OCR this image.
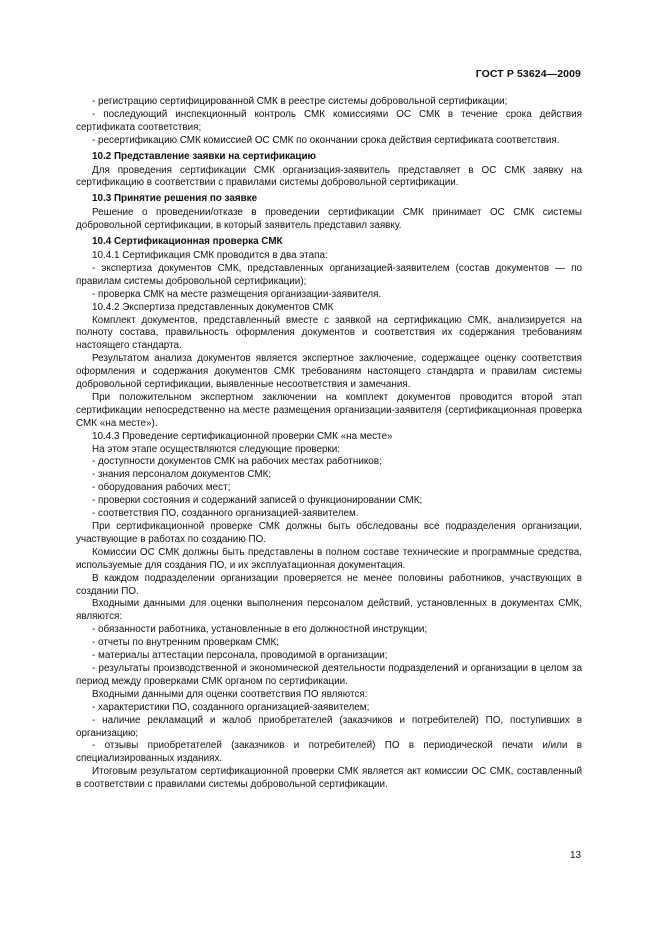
ГОСТ Р 53624—2009

- регистрацию сертифицированной СМК в реестре системы добровольной сертификации;

- последующий инспекционный контроль СМК комиссиями ОС СМК в течение срока действия сертификата соответствия;

- ресертификацию СМК комиссией ОС СМК по окончании срока действия сертификата соответствия.

10.2 Представление заявки на сертификацию

Для проведения сертификации СМК организация-заявитель представляет в ОС СМК заявку на сертификацию в соответствии с правилами системы добровольной сертификации.

10.3 Принятие решения по заявке

Решение о проведении/отказе в проведении сертификации СМК принимает ОС СМК системы добровольной сертификации, в который заявитель представил заявку.

10.4 Сертификационная проверка СМК

10.4.1 Сертификация СМК проводится в два этапа:

- экспертиза документов СМК, представленных организацией-заявителем (состав документов — по правилам системы добровольной сертификации);

- проверка СМК на месте размещения организации-заявителя.

10.4.2 Экспертиза представленных документов СМК

Комплект документов, представленный вместе с заявкой на сертификацию СМК, анализируется на полноту состава, правильность оформления документов и соответствия их содержания требованиям настоящего стандарта.

Результатом анализа документов является экспертное заключение, содержащее оценку соответствия оформления и содержания документов СМК требованиям настоящего стандарта и правилам системы добровольной сертификации, выявленные несоответствия и замечания.

При положительном экспертном заключении на комплект документов проводится второй этап сертификации непосредственно на месте размещения организации-заявителя (сертификационная проверка СМК «на месте»).

10.4.3 Проведение сертификационной проверки СМК «на месте»

На этом этапе осуществляются следующие проверки:

- доступности документов СМК на рабочих местах работников;

- знания персоналом документов СМК;

- оборудования рабочих мест;

- проверки состояния и содержаний записей о функционировании СМК;

- соответствия ПО, созданного организацией-заявителем.

При сертификационной проверке СМК должны быть обследованы все подразделения организации, участвующие в работах по созданию ПО.

Комиссии ОС СМК должны быть представлены в полном составе технические и программные средства, используемые для создания ПО, и их эксплуатационная документация.

В каждом подразделении организации проверяется не менее половины работников, участвующих в создании ПО.

Входными данными для оценки выполнения персоналом действий, установленных в документах СМК, являются:

- обязанности работника, установленные в его должностной инструкции;

- отчеты по внутренним проверкам СМК;

- материалы аттестации персонала, проводимой в организации;

- результаты производственной и экономической деятельности подразделений и организации в целом за период между проверками СМК органом по сертификации.

Входными данными для оценки соответствия ПО являются:

- характеристики ПО, созданного организацией-заявителем;

- наличие рекламаций и жалоб приобретателей (заказчиков и потребителей) ПО, поступивших в организацию;

- отзывы приобретателей (заказчиков и потребителей) ПО в периодической печати и/или в специализированных изданиях.

Итоговым результатом сертификационной проверки СМК является акт комиссии ОС СМК, составленный в соответствии с правилами системы добровольной сертификации.

13
